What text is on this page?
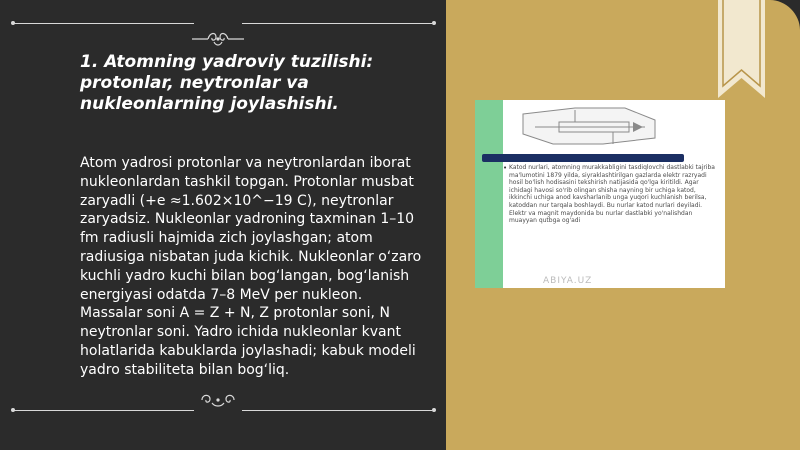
1. Atomning yadroviy tuzilishi: protonlar, neytronlar va nukleonlarning joylashishi.

Atom yadrosi protonlar va neytronlardan iborat nukleonlardan tashkil topgan. Protonlar musbat zaryadli (+e ≈1.602×10^−19 C), neytronlar zaryadsiz. Nukleonlar yadroning taxminan 1–10 fm radiusli hajmida zich joylashgan; atom radiusiga nisbatan juda kichik. Nukleonlar o‘zaro kuchli yadro kuchi bilan bog‘langan, bog‘lanish energiyasi odatda 7–8 MeV per nukleon. Massalar soni A = Z + N, Z protonlar soni, N neytronlar soni. Yadro ichida nukleonlar kvant holatlarida kabuklarda joylashadi; kabuk modeli yadro stabiliteta bilan bog‘liq.

• Katod nurlari, atomning murakkabligini tasdiqlovchi dastlabki tajriba ma'lumotini 1879 yilda, siyraklashtirilgan gazlarda elektr razryadi hosil bo'lish hodisasini tekshirish natijasida qo'lga kiritildi. Agar ichidagi havosi so'rib olingan shisha nayning bir uchiga katod, ikkinchi uchiga anod kavsharlanib unga yuqori kuchlanish berilsa, katoddan nur tarqala boshlaydi. Bu nurlar katod nurlari deyiladi. Elektr va magnit maydonida bu nurlar dastlabki yo'nalishdan muayyan qutbga og'adi

ABIYA.UZ
